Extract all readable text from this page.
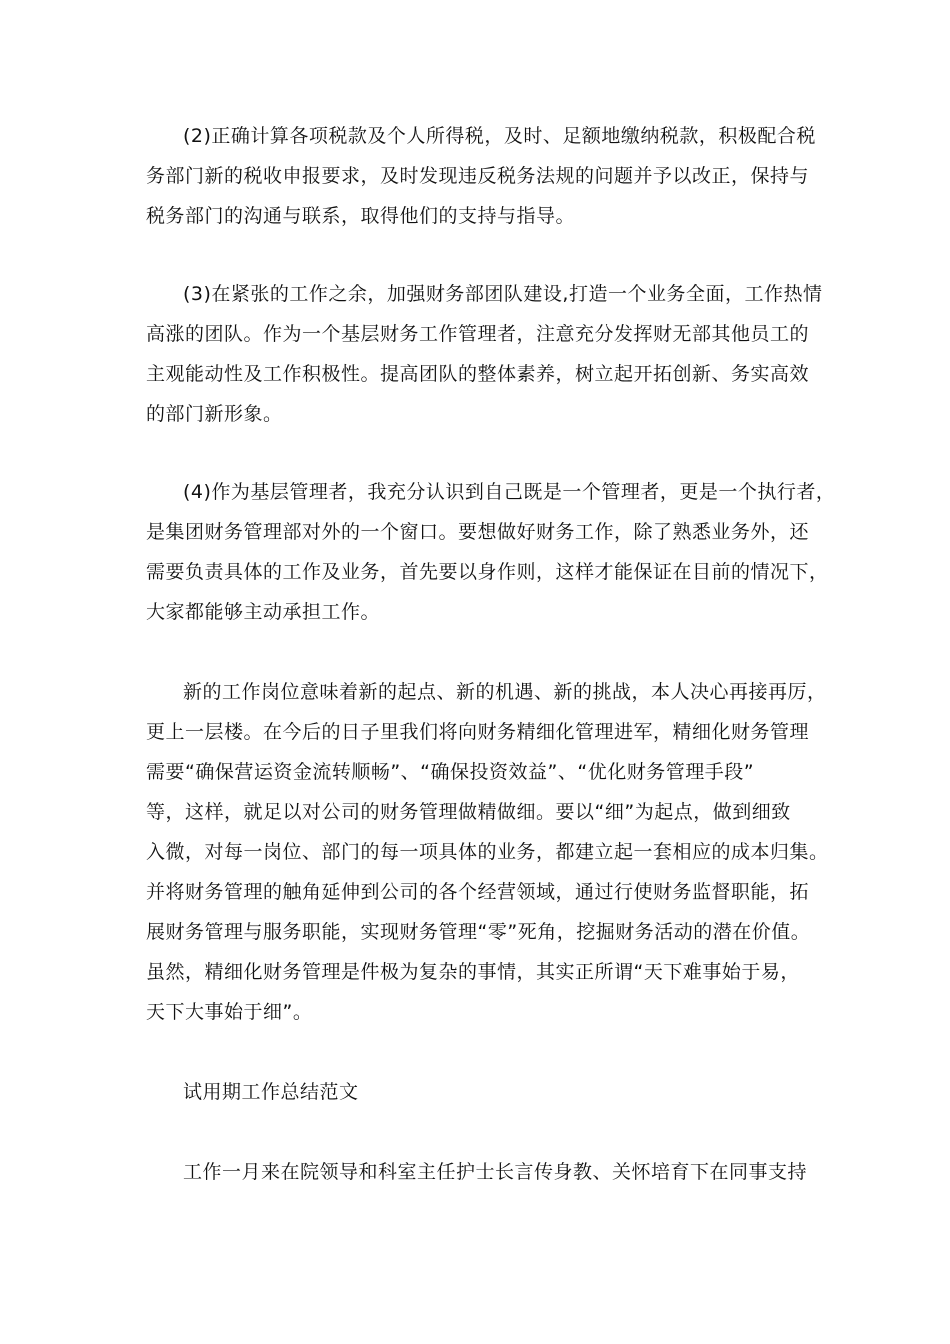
(2)正确计算各项税款及个人所得税，及时、足额地缴纳税款，积极配合税
务部门新的税收申报要求，及时发现违反税务法规的问题并予以改正，保持与
税务部门的沟通与联系，取得他们的支持与指导。
(3)在紧张的工作之余，加强财务部团队建设,打造一个业务全面，工作热情
高涨的团队。作为一个基层财务工作管理者，注意充分发挥财无部其他员工的
主观能动性及工作积极性。提高团队的整体素养，树立起开拓创新、务实高效
的部门新形象。
(4)作为基层管理者，我充分认识到自己既是一个管理者，更是一个执行者，
是集团财务管理部对外的一个窗口。要想做好财务工作，除了熟悉业务外，还
需要负责具体的工作及业务，首先要以身作则，这样才能保证在目前的情况下，
大家都能够主动承担工作。
新的工作岗位意味着新的起点、新的机遇、新的挑战，本人决心再接再厉，
更上一层楼。在今后的日子里我们将向财务精细化管理进军，精细化财务管理
需要“确保营运资金流转顺畅”、“确保投资效益”、“优化财务管理手段”
等，这样，就足以对公司的财务管理做精做细。要以“细”为起点，做到细致
入微，对每一岗位、部门的每一项具体的业务，都建立起一套相应的成本归集。
并将财务管理的触角延伸到公司的各个经营领域，通过行使财务监督职能，拓
展财务管理与服务职能，实现财务管理“零”死角，挖掘财务活动的潜在价值。
虽然，精细化财务管理是件极为复杂的事情，其实正所谓“天下难事始于易，
天下大事始于细”。
试用期工作总结范文
工作一月来在院领导和科室主任护士长言传身教、关怀培育下在同事支持
